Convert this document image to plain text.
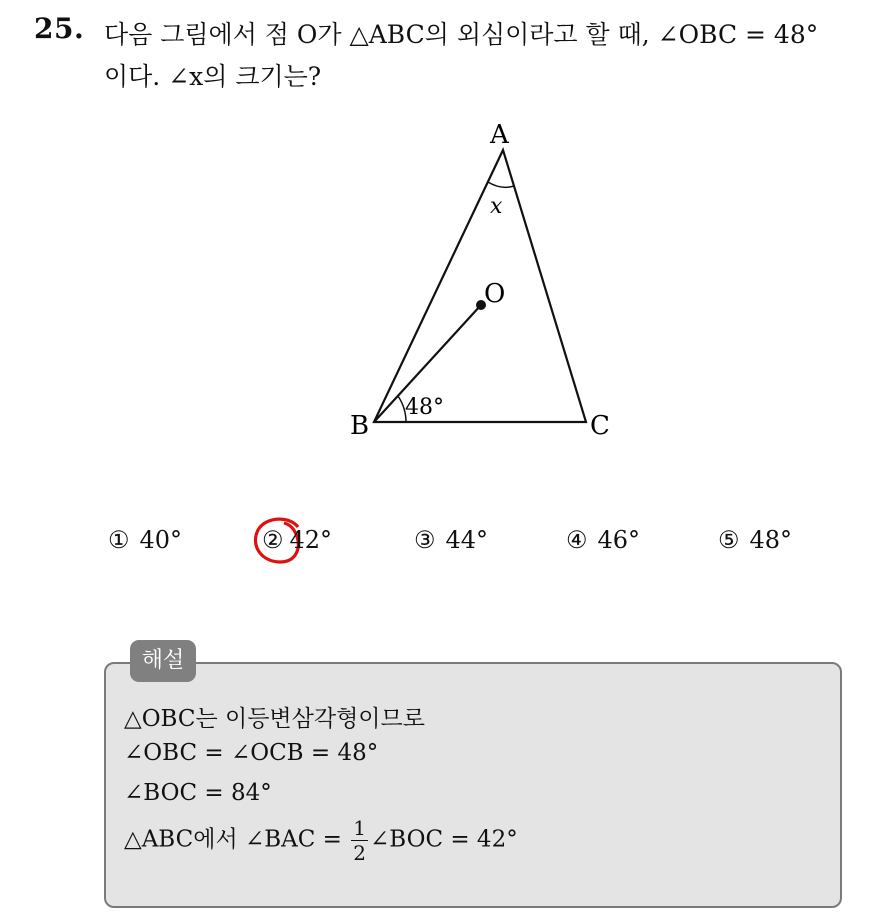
25. 다음 그림에서 점 O가 △ABC의 외심이라고 할 때, ∠OBC = 48°
이다. ∠x의 크기는?
A
B	C
O
x
48°
① 40°	② 42°	③ 44°	④ 46°	⑤ 48°
해설
△OBC는 이등변삼각형이므로
∠OBC = ∠OCB = 48°
∠BOC = 84°
△ABC에서 ∠BAC = $\frac{1}{2}$ ∠BOC = 42°
